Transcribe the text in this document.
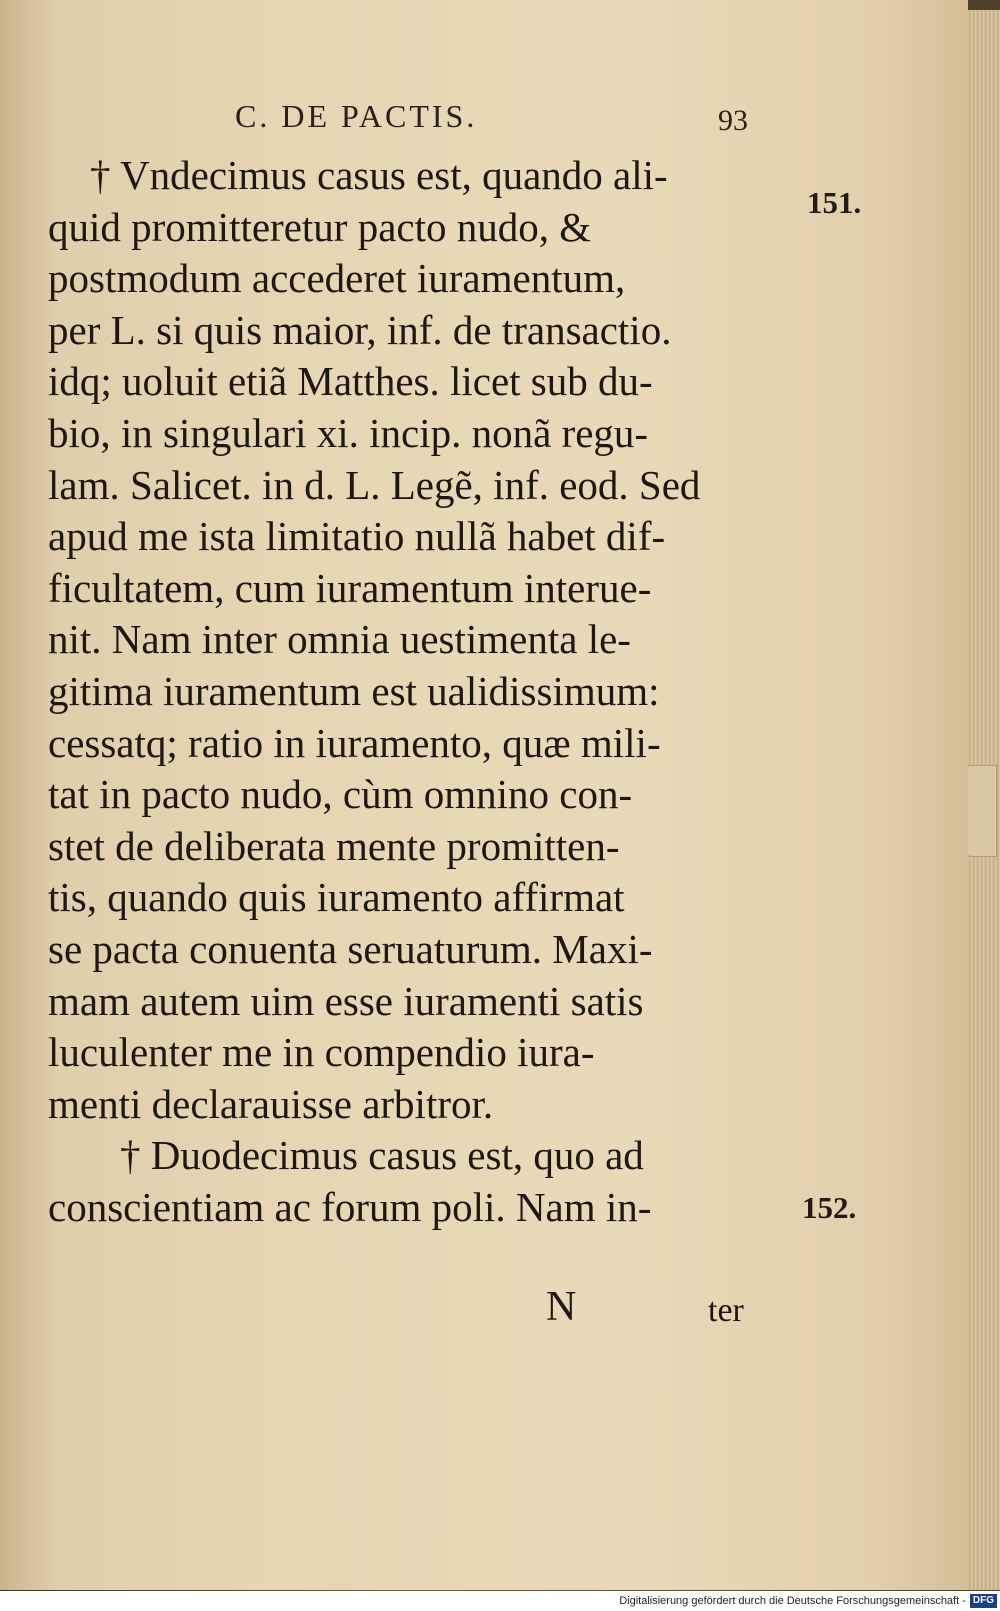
C. DE PACTIS.	93
151.
152.
† Vndecimus casus est, quando ali-
quid promitteretur pacto nudo, &
postmodum accederet iuramentum,
per L. si quis maior, inf. de transactio.
idq; uoluit etiã Matthes. licet sub du-
bio, in singulari xi. incip. nonã regu-
lam. Salicet. in d. L. Legẽ, inf. eod. Sed
apud me ista limitatio nullã habet dif-
ficultatem, cum iuramentum interue-
nit. Nam inter omnia uestimenta le-
gitima iuramentum est ualidissimum:
cessatq; ratio in iuramento, quæ mili-
tat in pacto nudo, cùm omnino con-
stet de deliberata mente promitten-
tis, quando quis iuramento affirmat
se pacta conuenta seruaturum. Maxi-
mam autem uim esse iuramenti satis
luculenter me in compendio iura-
menti declarauisse arbitror.
† Duodecimus casus est, quo ad
conscientiam ac forum poli. Nam in-
N	ter
Digitalisierung gefördert durch die Deutsche Forschungsgemeinschaft - DFG
